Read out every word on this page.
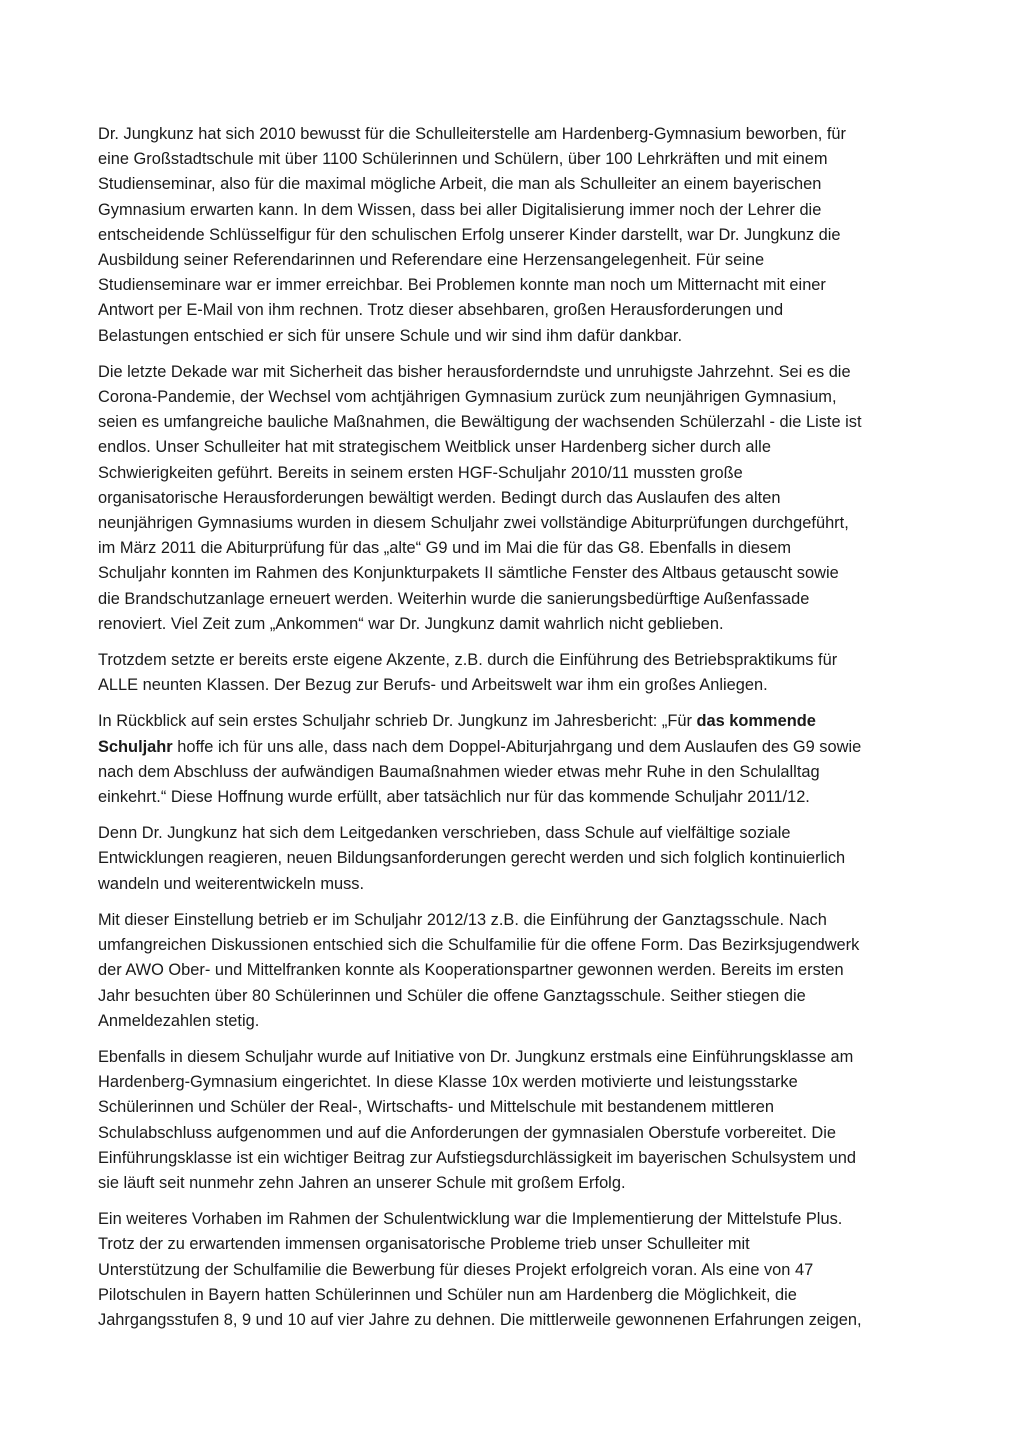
Dr. Jungkunz hat sich 2010 bewusst für die Schulleiterstelle am Hardenberg-Gymnasium beworben, für
eine Großstadtschule mit über 1100 Schülerinnen und Schülern, über 100 Lehrkräften und mit einem
Studienseminar, also für die maximal mögliche Arbeit, die man als Schulleiter an einem bayerischen
Gymnasium erwarten kann. In dem Wissen, dass bei aller Digitalisierung immer noch der Lehrer die
entscheidende Schlüsselfigur für den schulischen Erfolg unserer Kinder darstellt, war Dr. Jungkunz die
Ausbildung seiner Referendarinnen und Referendare eine Herzensangelegenheit. Für seine
Studienseminare war er immer erreichbar. Bei Problemen konnte man noch um Mitternacht mit einer
Antwort per E-Mail von ihm rechnen. Trotz dieser absehbaren, großen Herausforderungen und
Belastungen entschied er sich für unsere Schule und wir sind ihm dafür dankbar.

Die letzte Dekade war mit Sicherheit das bisher herausforderndste und unruhigste Jahrzehnt. Sei es die
Corona-Pandemie, der Wechsel vom achtjährigen Gymnasium zurück zum neunjährigen Gymnasium,
seien es umfangreiche bauliche Maßnahmen, die Bewältigung der wachsenden Schülerzahl - die Liste ist
endlos. Unser Schulleiter hat mit strategischem Weitblick unser Hardenberg sicher durch alle
Schwierigkeiten geführt. Bereits in seinem ersten HGF-Schuljahr 2010/11 mussten große
organisatorische Herausforderungen bewältigt werden. Bedingt durch das Auslaufen des alten
neunjährigen Gymnasiums wurden in diesem Schuljahr zwei vollständige Abiturprüfungen durchgeführt,
im März 2011 die Abiturprüfung für das „alte“ G9 und im Mai die für das G8. Ebenfalls in diesem
Schuljahr konnten im Rahmen des Konjunkturpakets II sämtliche Fenster des Altbaus getauscht sowie
die Brandschutzanlage erneuert werden. Weiterhin wurde die sanierungsbedürftige Außenfassade
renoviert. Viel Zeit zum „Ankommen“ war Dr. Jungkunz damit wahrlich nicht geblieben.

Trotzdem setzte er bereits erste eigene Akzente, z.B. durch die Einführung des Betriebspraktikums für
ALLE neunten Klassen. Der Bezug zur Berufs- und Arbeitswelt war ihm ein großes Anliegen.

In Rückblick auf sein erstes Schuljahr schrieb Dr. Jungkunz im Jahresbericht: „Für das kommende
Schuljahr hoffe ich für uns alle, dass nach dem Doppel-Abiturjahrgang und dem Auslaufen des G9 sowie
nach dem Abschluss der aufwändigen Baumaßnahmen wieder etwas mehr Ruhe in den Schulalltag
einkehrt.“ Diese Hoffnung wurde erfüllt, aber tatsächlich nur für das kommende Schuljahr 2011/12.

Denn Dr. Jungkunz hat sich dem Leitgedanken verschrieben, dass Schule auf vielfältige soziale
Entwicklungen reagieren, neuen Bildungsanforderungen gerecht werden und sich folglich kontinuierlich
wandeln und weiterentwickeln muss.

Mit dieser Einstellung betrieb er im Schuljahr 2012/13 z.B. die Einführung der Ganztagsschule. Nach
umfangreichen Diskussionen entschied sich die Schulfamilie für die offene Form. Das Bezirksjugendwerk
der AWO Ober- und Mittelfranken konnte als Kooperationspartner gewonnen werden. Bereits im ersten
Jahr besuchten über 80 Schülerinnen und Schüler die offene Ganztagsschule. Seither stiegen die
Anmeldezahlen stetig.

Ebenfalls in diesem Schuljahr wurde auf Initiative von Dr. Jungkunz erstmals eine Einführungsklasse am
Hardenberg-Gymnasium eingerichtet. In diese Klasse 10x werden motivierte und leistungsstarke
Schülerinnen und Schüler der Real-, Wirtschafts- und Mittelschule mit bestandenem mittleren
Schulabschluss aufgenommen und auf die Anforderungen der gymnasialen Oberstufe vorbereitet. Die
Einführungsklasse ist ein wichtiger Beitrag zur Aufstiegsdurchlässigkeit im bayerischen Schulsystem und
sie läuft seit nunmehr zehn Jahren an unserer Schule mit großem Erfolg.

Ein weiteres Vorhaben im Rahmen der Schulentwicklung war die Implementierung der Mittelstufe Plus.
Trotz der zu erwartenden immensen organisatorische Probleme trieb unser Schulleiter mit
Unterstützung der Schulfamilie die Bewerbung für dieses Projekt erfolgreich voran. Als eine von 47
Pilotschulen in Bayern hatten Schülerinnen und Schüler nun am Hardenberg die Möglichkeit, die
Jahrgangsstufen 8, 9 und 10 auf vier Jahre zu dehnen. Die mittlerweile gewonnenen Erfahrungen zeigen,
